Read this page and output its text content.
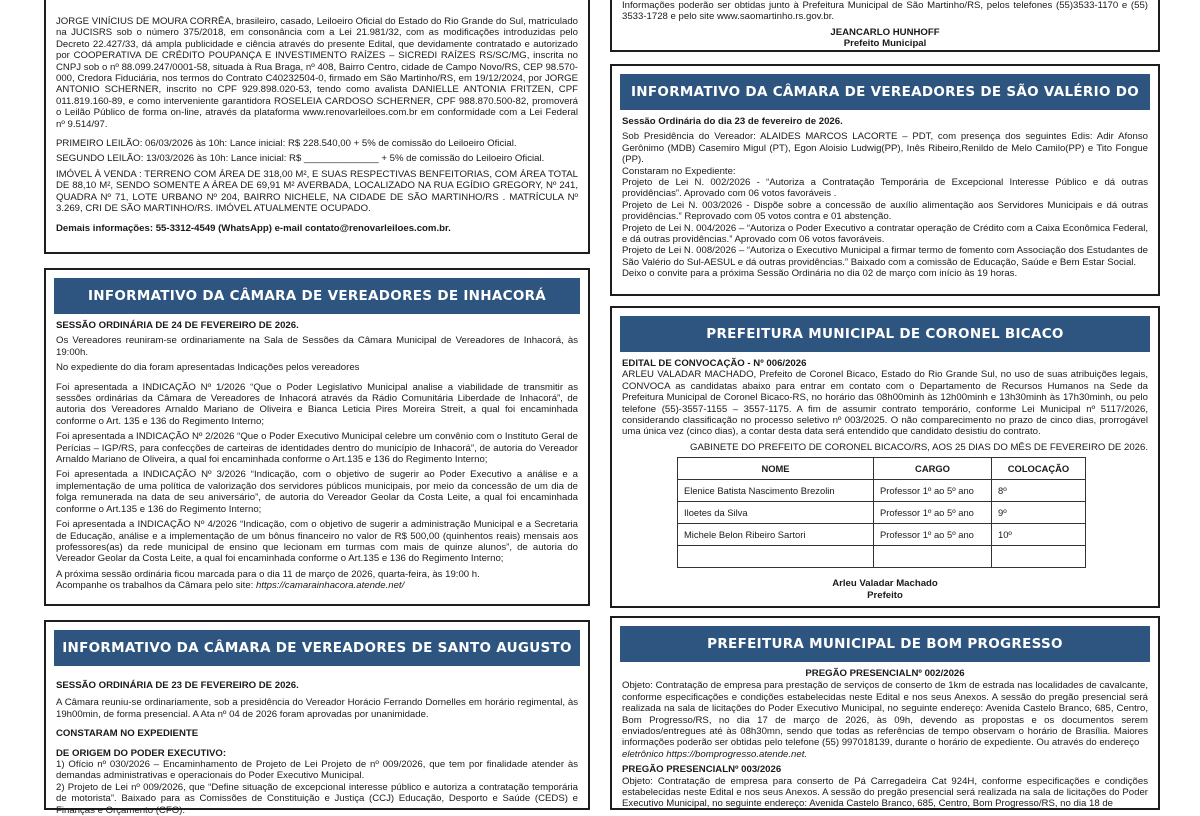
JORGE VINÍCIUS DE MOURA CORRÊA, brasileiro, casado, Leiloeiro Oficial do Estado do Rio Grande do Sul, matriculado na JUCISRS sob o número 375/2018, em consonância com a Lei 21.981/32, com as modificações introduzidas pelo Decreto 22.427/33, dá ampla publicidade e ciência através do presente Edital, que devidamente contratado e autorizado por COOPERATIVA DE CRÉDITO POUPANÇA E INVESTIMENTO RAÍZES – SICREDI RAÍZES RS/SC/MG, inscrita no CNPJ sob o nº 88.099.247/0001-58, situada à Rua Braga, nº 408, Bairro Centro, cidade de Campo Novo/RS, CEP 98.570-000, Credora Fiduciária, nos termos do Contrato C40232504-0, firmado em São Martinho/RS, em 19/12/2024, por JORGE ANTONIO SCHERNER, inscrito no CPF 929.898.020-53, tendo como avalista DANIELLE ANTONIA FRITZEN, CPF 011.819.160-89, e como interveniente garantidora ROSELEIA CARDOSO SCHERNER, CPF 988.870.500-82, promoverá o Leilão Público de forma on-line, através da plataforma www.renovarleiloes.com.br em conformidade com a Lei Federal nº 9.514/97.

PRIMEIRO LEILÃO: 06/03/2026 às 10h: Lance inicial: R$ 228.540,00 + 5% de comissão do Leiloeiro Oficial.

SEGUNDO LEILÃO: 13/03/2026 às 10h: Lance inicial: R$ ______________ + 5% de comissão do Leiloeiro Oficial.

IMÓVEL À VENDA : TERRENO COM ÁREA DE 318,00 M², E SUAS RESPECTIVAS BENFEITORIAS, COM ÁREA TOTAL DE 88,10 M², SENDO SOMENTE A ÁREA DE 69,91 M² AVERBADA, LOCALIZADO NA RUA EGÍDIO GREGORY, Nº 241, QUADRA Nº 71, LOTE URBANO Nº 204, BAIRRO NICHELE, NA CIDADE DE SÃO MARTINHO/RS . MATRÍCULA Nº 3.269, CRI DE SÃO MARTINHO/RS. IMÓVEL ATUALMENTE OCUPADO.

Demais informações: 55-3312-4549 (WhatsApp) e-mail contato@renovarleiloes.com.br.

Informações poderão ser obtidas junto à Prefeitura Municipal de São Martinho/RS, pelos telefones (55)3533-1170 e (55) 3533-1728 e pelo site www.saomartinho.rs.gov.br.

JEANCARLO HUNHOFF

Prefeito Municipal

INFORMATIVO DA CÂMARA DE VEREADORES DE INHACORÁ

SESSÃO ORDINÁRIA DE 24 DE FEVEREIRO DE 2026.

Os Vereadores reuniram-se ordinariamente na Sala de Sessões da Câmara Municipal de Vereadores de Inhacorá, às 19:00h.

No expediente do dia foram apresentadas Indicações pelos vereadores

Foi apresentada a INDICAÇÃO Nº 1/2026 “Que o Poder Legislativo Municipal analise a viabilidade de transmitir as sessões ordinárias da Câmara de Vereadores de Inhacorá através da Rádio Comunitária Liberdade de Inhacorá”, de autoria dos Vereadores Arnaldo Mariano de Oliveira e Bianca Leticia Pires Moreira Streit, a qual foi encaminhada conforme o Art. 135 e 136 do Regimento Interno;

Foi apresentada a INDICAÇÃO Nº 2/2026 “Que o Poder Executivo Municipal celebre um convênio com o Instituto Geral de Perícias – IGP/RS, para confecções de carteiras de identidades dentro do município de Inhacorá”, de autoria do Vereador Arnaldo Mariano de Oliveira, a qual foi encaminhada conforme o Art.135 e 136 do Regimento Interno;

Foi apresentada a INDICAÇÃO Nº 3/2026 “Indicação, com o objetivo de sugerir ao Poder Executivo a análise e a implementação de uma política de valorização dos servidores públicos municipais, por meio da concessão de um dia de folga remunerada na data de seu aniversário”, de autoria do Vereador Geolar da Costa Leite, a qual foi encaminhada conforme o Art.135 e 136 do Regimento Interno;

Foi apresentada a INDICAÇÃO Nº 4/2026 “Indicação, com o objetivo de sugerir a administração Municipal e a Secretaria de Educação, análise e a implementação de um bônus financeiro no valor de R$ 500,00 (quinhentos reais) mensais aos professores(as) da rede municipal de ensino que lecionam em turmas com mais de quinze alunos”, de autoria do Vereador Geolar da Costa Leite, a qual foi encaminhada conforme o Art.135 e 136 do Regimento Interno;

A próxima sessão ordinária ficou marcada para o dia 11 de março de 2026, quarta-feira, às 19:00 h.

Acompanhe os trabalhos da Câmara pelo site: https://camarainhacora.atende.net/

INFORMATIVO DA CÂMARA DE VEREADORES DE SANTO AUGUSTO

SESSÃO ORDINÁRIA DE 23 DE FEVEREIRO DE 2026.

A Câmara reuniu-se ordinariamente, sob a presidência do Vereador Horácio Ferrando Dornelles em horário regimental, às 19h00min, de forma presencial. A Ata nº 04 de 2026 foram aprovadas por unanimidade.

CONSTARAM NO EXPEDIENTE

DE ORIGEM DO PODER EXECUTIVO:

1) Ofício nº 030/2026 – Encaminhamento de Projeto de Lei Projeto de nº 009/2026, que tem por finalidade atender às demandas administrativas e operacionais do Poder Executivo Municipal.

2) Projeto de Lei nº 009/2026, que “Define situação de excepcional interesse público e autoriza a contratação temporária de motorista”. Baixado para as Comissões de Constituição e Justiça (CCJ) Educação, Desporto e Saúde (CEDS) e Finanças e Orçamento (CFO).

INFORMATIVO DA CÂMARA DE VEREADORES DE SÃO VALÉRIO DO SUL

Sessão Ordinária do dia 23 de fevereiro de 2026.

Sob Presidência do Vereador: ALAIDES MARCOS LACORTE – PDT, com presença dos seguintes Edis: Adir Afonso Gerônimo (MDB) Casemiro Migul (PT), Egon Aloisio Ludwig(PP), Inês Ribeiro,Renildo de Melo Camilo(PP) e Tito Fongue (PP).

Constaram no Expediente:

Projeto de Lei N. 002/2026 - “Autoriza a Contratação Temporária de Excepcional Interesse Público e dá outras providências”. Aprovado com 06 votos favoráveis .

Projeto de Lei N. 003/2026 - Dispõe sobre a concessão de auxílio alimentação aos Servidores Municipais e dá outras providências.” Reprovado com 05 votos contra e 01 abstenção.

Projeto de Lei N. 004/2026 – “Autoriza o Poder Executivo a contratar operação de Crédito com a Caixa Econômica Federal, e dá outras providências.” Aprovado com 06 votos favoráveis.

Projeto de Lei N. 008/2026 – “Autoriza o Executivo Municipal a firmar termo de fomento com Associação dos Estudantes de São Valério do Sul-AESUL e dá outras providências.” Baixado com a comissão de Educação, Saúde e Bem Estar Social.

Deixo o convite para a próxima Sessão Ordinária no dia 02 de março com início às 19 horas.

PREFEITURA MUNICIPAL DE CORONEL BICACO

EDITAL DE CONVOCAÇÃO - Nº 006/2026

ARLEU VALADAR MACHADO, Prefeito de Coronel Bicaco, Estado do Rio Grande Sul, no uso de suas atribuições legais, CONVOCA as candidatas abaixo para entrar em contato com o Departamento de Recursos Humanos na Sede da Prefeitura Municipal de Coronel Bicaco-RS, no horário das 08h00minh às 12h00minh e 13h30minh às 17h30minh, ou pelo telefone (55)-3557-1155 – 3557-1175. A fim de assumir contrato temporário, conforme Lei Municipal nº 5117/2026, considerando classificação no processo seletivo nº 003/2025. O não comparecimento no prazo de cinco dias, prorrogável uma única vez (cinco dias), a contar desta data será entendido que candidato desistiu do contrato.

GABINETE DO PREFEITO DE CORONEL BICACO/RS, AOS 25 DIAS DO MÊS DE FEVEREIRO DE 2026.

NOME	CARGO	COLOCAÇÃO
Elenice Batista Nascimento Brezolin	Professor 1º ao 5º ano	8º
Iloetes da Silva	Professor 1º ao 5º ano	9º
Michele Belon Ribeiro Sartori	Professor 1º ao 5º ano	10º

Arleu Valadar Machado

Prefeito

PREFEITURA MUNICIPAL DE BOM PROGRESSO

PREGÃO PRESENCIALNº 002/2026

Objeto: Contratação de empresa para prestação de serviços de conserto de 1km de estrada nas localidades de cavalcante, conforme especificações e condições estabelecidas neste Edital e nos seus Anexos. A sessão do pregão presencial será realizada na sala de licitações do Poder Executivo Municipal, no seguinte endereço: Avenida Castelo Branco, 685, Centro, Bom Progresso/RS, no dia 17 de março de 2026, às 09h, devendo as propostas e os documentos serem enviados/entregues até às 08h30mn, sendo que todas as referências de tempo observam o horário de Brasília. Maiores informações poderão ser obtidas pelo telefone (55) 997018139, durante o horário de expediente. Ou através do endereço

eletrônico https://bomprogresso.atende.net.

PREGÃO PRESENCIALNº 003/2026

Objeto: Contratação de empresa para conserto de Pá Carregadeira Cat 924H, conforme especificações e condições estabelecidas neste Edital e nos seus Anexos. A sessão do pregão presencial será realizada na sala de licitações do Poder Executivo Municipal, no seguinte endereço: Avenida Castelo Branco, 685, Centro, Bom Progresso/RS, no dia 18 de
